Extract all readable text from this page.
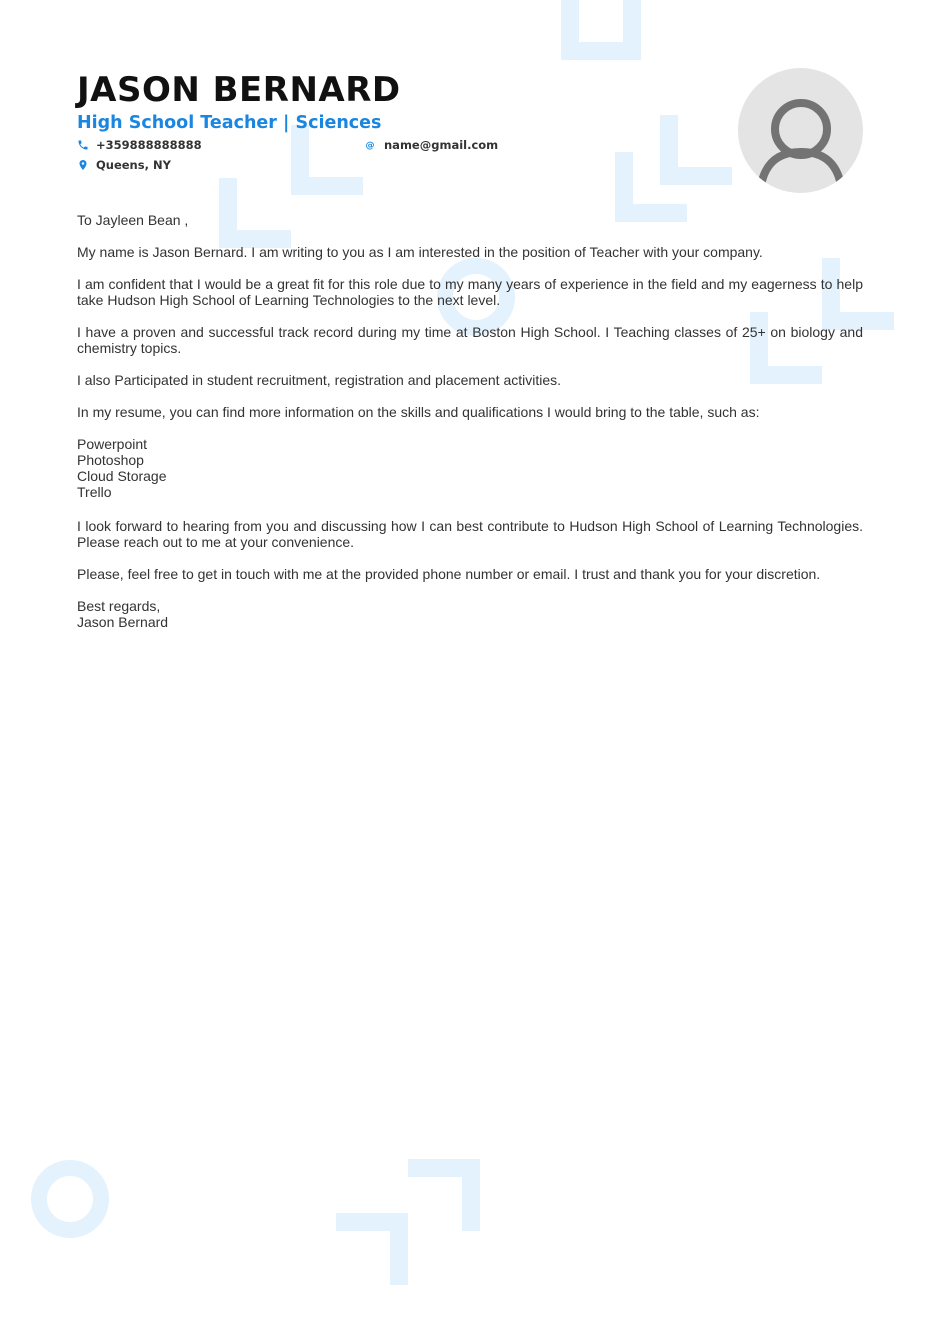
JASON BERNARD
High School Teacher | Sciences
+359888888888	@ name@gmail.com
Queens, NY

To Jayleen Bean ,

My name is Jason Bernard. I am writing to you as I am interested in the position of Teacher with your company.

I am confident that I would be a great fit for this role due to my many years of experience in the field and my eagerness to help take Hudson High School of Learning Technologies to the next level.

I have a proven and successful track record during my time at Boston High School. I Teaching classes of 25+ on biology and chemistry topics.

I also Participated in student recruitment, registration and placement activities.

In my resume, you can find more information on the skills and qualifications I would bring to the table, such as:

Powerpoint
Photoshop
Cloud Storage
Trello

I look forward to hearing from you and discussing how I can best contribute to Hudson High School of Learning Technologies. Please reach out to me at your convenience.

Please, feel free to get in touch with me at the provided phone number or email. I trust and thank you for your discretion.

Best regards,
Jason Bernard
